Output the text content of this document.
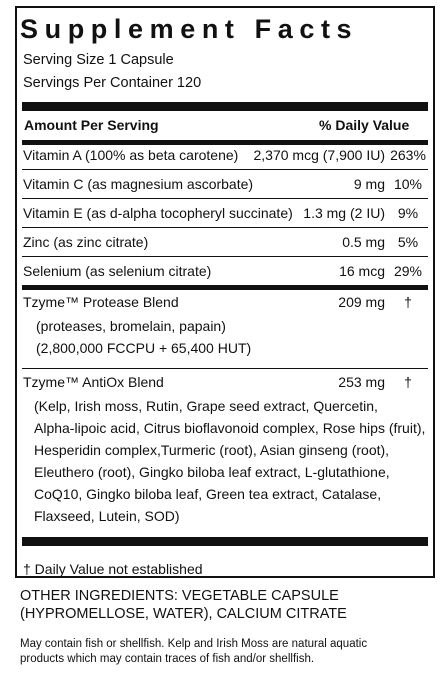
Supplement Facts
Serving Size 1 Capsule
Servings Per Container 120
Amount Per Serving	% Daily Value
Vitamin A (100% as beta carotene) 2,370 mcg (7,900 IU) 263%
Vitamin C (as magnesium ascorbate)	9 mg 10%
Vitamin E (as d-alpha tocopheryl succinate) 1.3 mg (2 IU) 9%
Zinc (as zinc citrate)	0.5 mg 5%
Selenium (as selenium citrate)	16 mcg 29%
Tzyme™ Protease Blend	209 mg	†
(proteases, bromelain, papain)
(2,800,000 FCCPU + 65,400 HUT)
Tzyme™ AntiOx Blend	253 mg	†
(Kelp, Irish moss, Rutin, Grape seed extract, Quercetin,
Alpha-lipoic acid, Citrus bioflavonoid complex, Rose hips (fruit),
Hesperidin complex,Turmeric (root), Asian ginseng (root),
Eleuthero (root), Gingko biloba leaf extract, L-glutathione,
CoQ10, Gingko biloba leaf, Green tea extract, Catalase,
Flaxseed, Lutein, SOD)
† Daily Value not established
OTHER INGREDIENTS: VEGETABLE CAPSULE
(HYPROMELLOSE, WATER), CALCIUM CITRATE
May contain fish or shellfish. Kelp and Irish Moss are natural aquatic
products which may contain traces of fish and/or shellfish.
